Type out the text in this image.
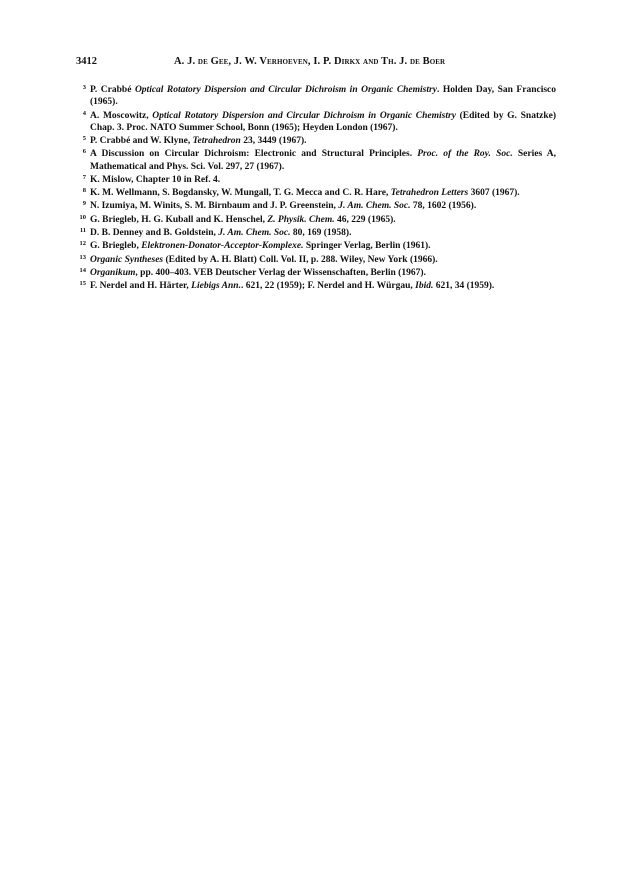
3412	A. J. de Gee, J. W. Verhoeven, I. P. Dirkx and Th. J. de Boer
3 P. Crabbé Optical Rotatory Dispersion and Circular Dichroism in Organic Chemistry. Holden Day, San Francisco (1965).
4 A. Moscowitz, Optical Rotatory Dispersion and Circular Dichroism in Organic Chemistry (Edited by G. Snatzke) Chap. 3. Proc. NATO Summer School, Bonn (1965); Heyden London (1967).
5 P. Crabbé and W. Klyne, Tetrahedron 23, 3449 (1967).
6 A Discussion on Circular Dichroism: Electronic and Structural Principles. Proc. of the Roy. Soc. Series A, Mathematical and Phys. Sci. Vol. 297, 27 (1967).
7 K. Mislow, Chapter 10 in Ref. 4.
8 K. M. Wellmann, S. Bogdansky, W. Mungall, T. G. Mecca and C. R. Hare, Tetrahedron Letters 3607 (1967).
9 N. Izumiya, M. Winits, S. M. Birnbaum and J. P. Greenstein, J. Am. Chem. Soc. 78, 1602 (1956).
10 G. Briegleb, H. G. Kuball and K. Henschel, Z. Physik. Chem. 46, 229 (1965).
11 D. B. Denney and B. Goldstein, J. Am. Chem. Soc. 80, 169 (1958).
12 G. Briegleb, Elektronen-Donator-Acceptor-Komplexe. Springer Verlag, Berlin (1961).
13 Organic Syntheses (Edited by A. H. Blatt) Coll. Vol. II, p. 288. Wiley, New York (1966).
14 Organikum, pp. 400–403. VEB Deutscher Verlag der Wissenschaften, Berlin (1967).
15 F. Nerdel and H. Härter, Liebigs Ann.. 621, 22 (1959); F. Nerdel and H. Würgau, Ibid. 621, 34 (1959).
